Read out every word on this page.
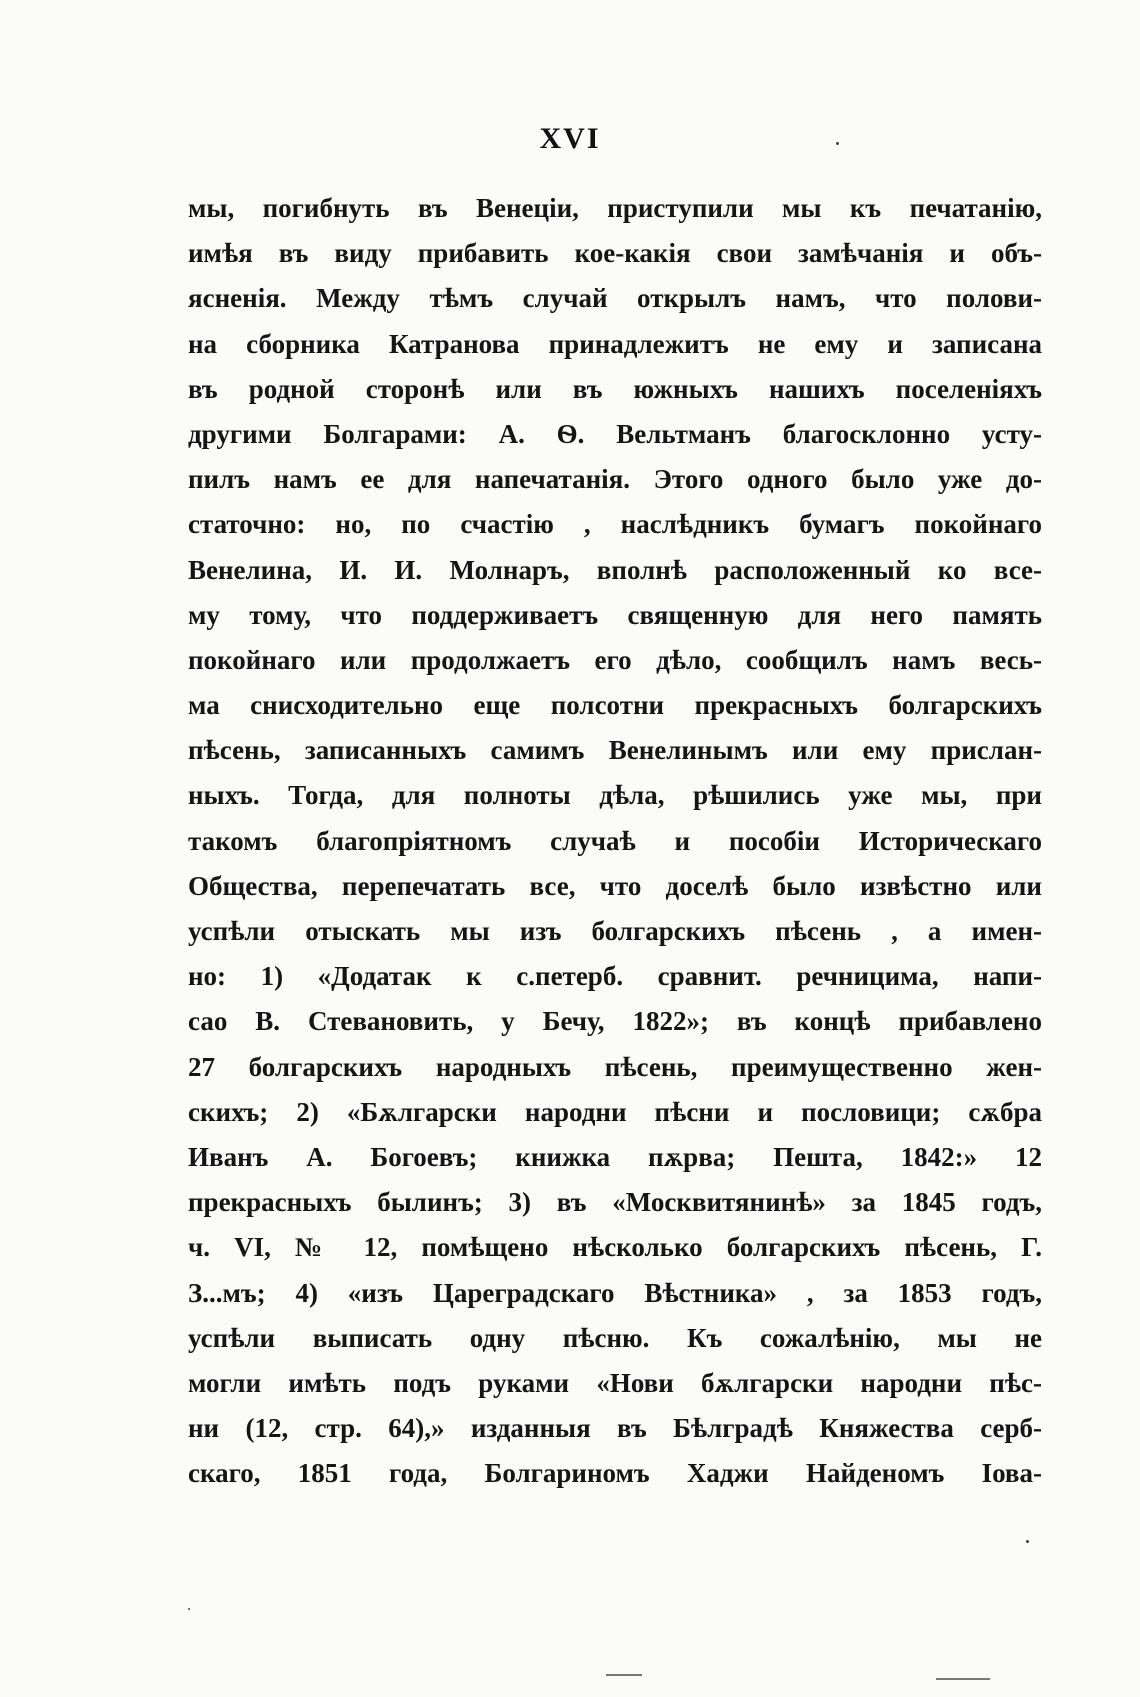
XVI
мы, погибнуть въ Венеціи, приступили мы къ печатанію,
имѣя въ виду прибавить кое-какія свои замѣчанія и объ-
ясненія. Между тѣмъ случай открылъ намъ, что полови-
на сборника Катранова принадлежитъ не ему и записана
въ родной сторонѣ или въ южныхъ нашихъ поселеніяхъ
другими Болгарами: А. Ѳ. Вельтманъ благосклонно усту-
пилъ намъ ее для напечатанія. Этого одного было уже до-
статочно: но, по счастію , наслѣдникъ бумагъ покойнаго
Венелина, И. И. Молнаръ, вполнѣ расположенный ко все-
му тому, что поддерживаетъ священную для него память
покойнаго или продолжаетъ его дѣло, сообщилъ намъ весь-
ма снисходительно еще полсотни прекрасныхъ болгарскихъ
пѣсень, записанныхъ самимъ Венелинымъ или ему прислан-
ныхъ. Тогда, для полноты дѣла, рѣшились уже мы, при
такомъ благопріятномъ случаѣ и пособіи Историческаго
Общества, перепечатать все, что доселѣ было извѣстно или
успѣли отыскать мы изъ болгарскихъ пѣсень , а имен-
но: 1) «Додатак к с.петерб. сравнит. речницима, напи-
сао В. Стевановить, у Бечу, 1822»; въ концѣ прибавлено
27 болгарскихъ народныхъ пѣсень, преимущественно жен-
скихъ; 2) «Бѫлгарски народни пѣсни и пословици; сѫбра
Иванъ А. Богоевъ; книжка пѫрва; Пешта, 1842:» 12
прекрасныхъ былинъ; 3) въ «Москвитянинѣ» за 1845 годъ,
ч. VI, № 12, помѣщено нѣсколько болгарскихъ пѣсень, Г.
З...мъ; 4) «изъ Цареградскаго Вѣстника» , за 1853 годъ,
успѣли выписать одну пѣсню. Къ сожалѣнію, мы не
могли имѣть подъ руками «Нови бѫлгарски народни пѣс-
ни (12, стр. 64),» изданныя въ Бѣлградѣ Княжества серб-
скаго, 1851 года, Болгариномъ Хаджи Найденомъ Іова-
